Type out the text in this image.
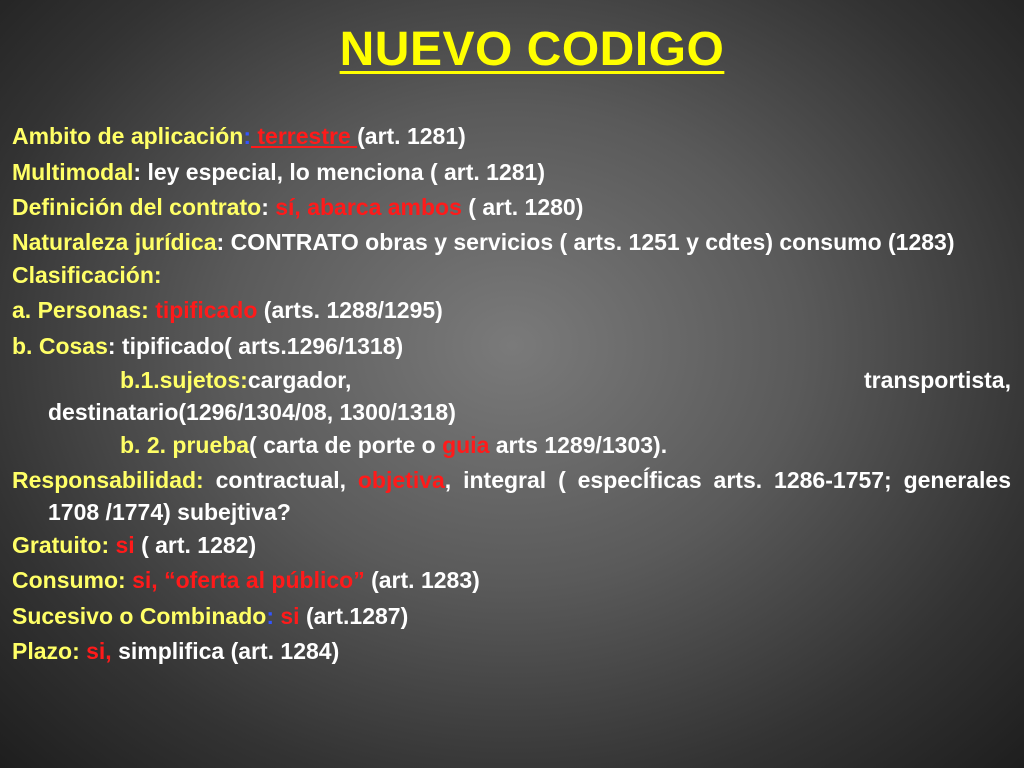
NUEVO CODIGO
Ambito de aplicación: terrestre (art. 1281)
Multimodal: ley especial, lo menciona ( art. 1281)
Definición del contrato: sí, abarca ambos ( art. 1280)
Naturaleza jurídica: CONTRATO obras y servicios ( arts. 1251 y cdtes) consumo (1283)
Clasificación:
a. Personas: tipificado (arts. 1288/1295)
b. Cosas: tipificado( arts.1296/1318)
b.1.sujetos:cargador,	transportista,
destinatario(1296/1304/08, 1300/1318)
b. 2. prueba( carta de porte o guia arts 1289/1303).
Responsabilidad: contractual, objetiva, integral ( especÍficas arts. 1286-1757; generales 1708 /1774) subejtiva?
Gratuito: si ( art. 1282)
Consumo: si, “oferta al público” (art. 1283)
Sucesivo o Combinado: si (art.1287)
Plazo: si, simplifica (art. 1284)
